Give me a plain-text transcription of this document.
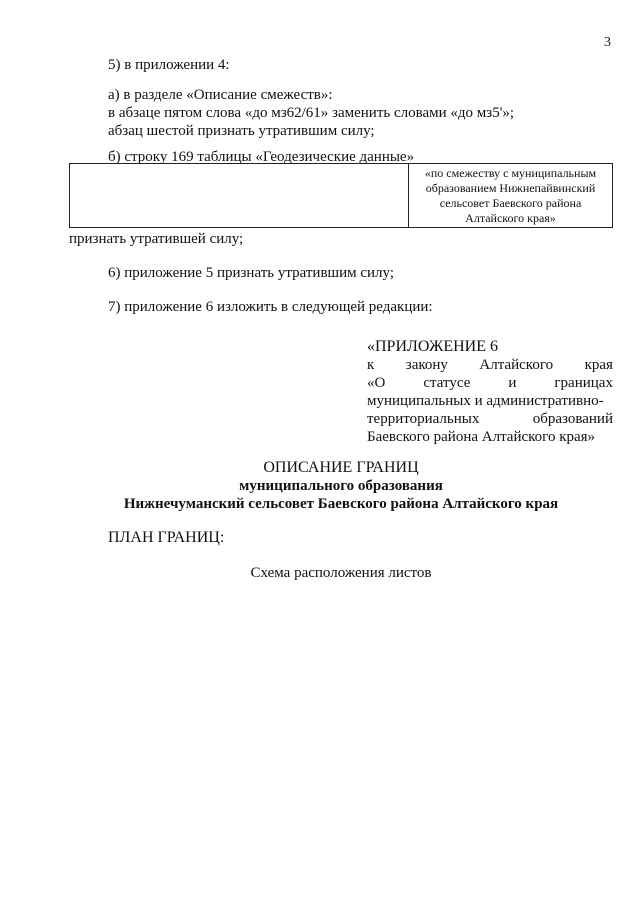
3
5) в приложении 4:
а) в разделе «Описание смежеств»:
в абзаце пятом слова «до мз62/61» заменить словами «до мз5'»;
абзац шестой признать утратившим силу;
б) строку 169 таблицы «Геодезические данные»
«по смежеству с муниципальным
образованием Нижнепайвинский
сельсовет Баевского района
Алтайского края»
признать утратившей силу;
6) приложение 5 признать утратившим силу;
7) приложение 6 изложить в следующей редакции:
«ПРИЛОЖЕНИЕ 6
к закону Алтайского края
«О	статусе	и	границах
муниципальных и административно-
территориальных	образований
Баевского района Алтайского края»
ОПИСАНИЕ ГРАНИЦ
муниципального образования
Нижнечуманский сельсовет Баевского района Алтайского края
ПЛАН ГРАНИЦ:
Схема расположения листов
